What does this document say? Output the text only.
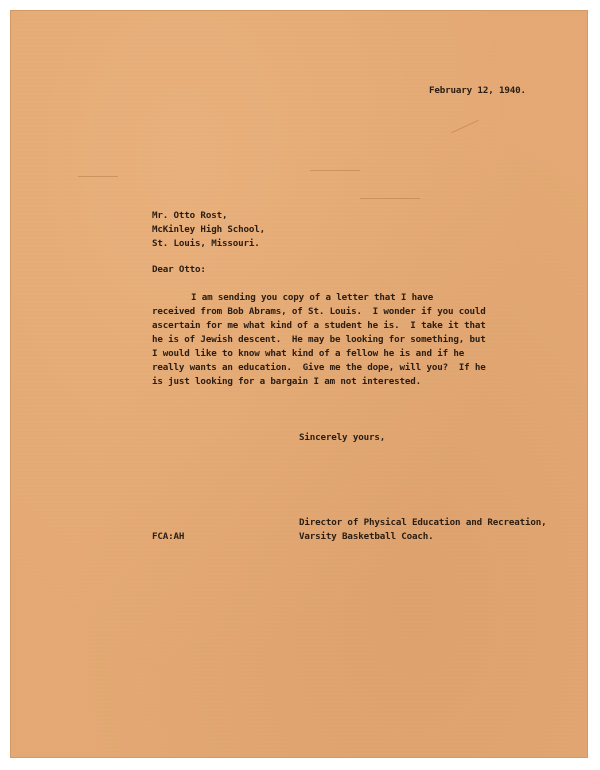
February 12, 1940.
Mr. Otto Rost,
McKinley High School,
St. Louis, Missouri.
Dear Otto:
I am sending you copy of a letter that I have
received from Bob Abrams, of St. Louis.  I wonder if you could
ascertain for me what kind of a student he is.  I take it that
he is of Jewish descent.  He may be looking for something, but
I would like to know what kind of a fellow he is and if he
really wants an education.  Give me the dope, will you?  If he
is just looking for a bargain I am not interested.
Sincerely yours,
Director of Physical Education and Recreation,
Varsity Basketball Coach.
FCA:AH
